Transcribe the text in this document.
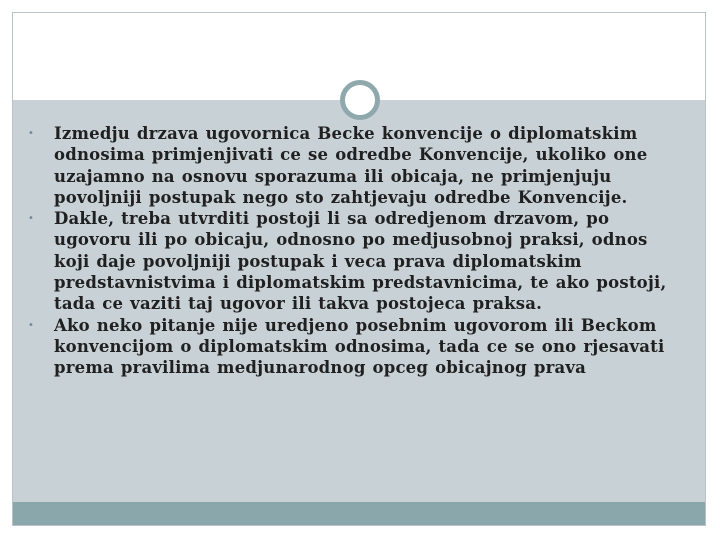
• Izmedju drzava ugovornica Becke konvencije o diplomatskim odnosima primjenjivati ce se odredbe Konvencije, ukoliko one uzajamno na osnovu sporazuma ili obicaja, ne primjenjuju povoljniji postupak nego sto zahtjevaju odredbe Konvencije.
• Dakle, treba utvrditi postoji li sa odredjenom drzavom, po ugovoru ili po obicaju, odnosno po medjusobnoj praksi, odnos koji daje povoljniji postupak i veca prava diplomatskim predstavnistvima i diplomatskim predstavnicima, te ako postoji, tada ce vaziti taj ugovor ili takva postojeca praksa.
• Ako neko pitanje nije uredjeno posebnim ugovorom ili Beckom konvencijom o diplomatskim odnosima, tada ce se ono rjesavati prema pravilima medjunarodnog opceg obicajnog prava
